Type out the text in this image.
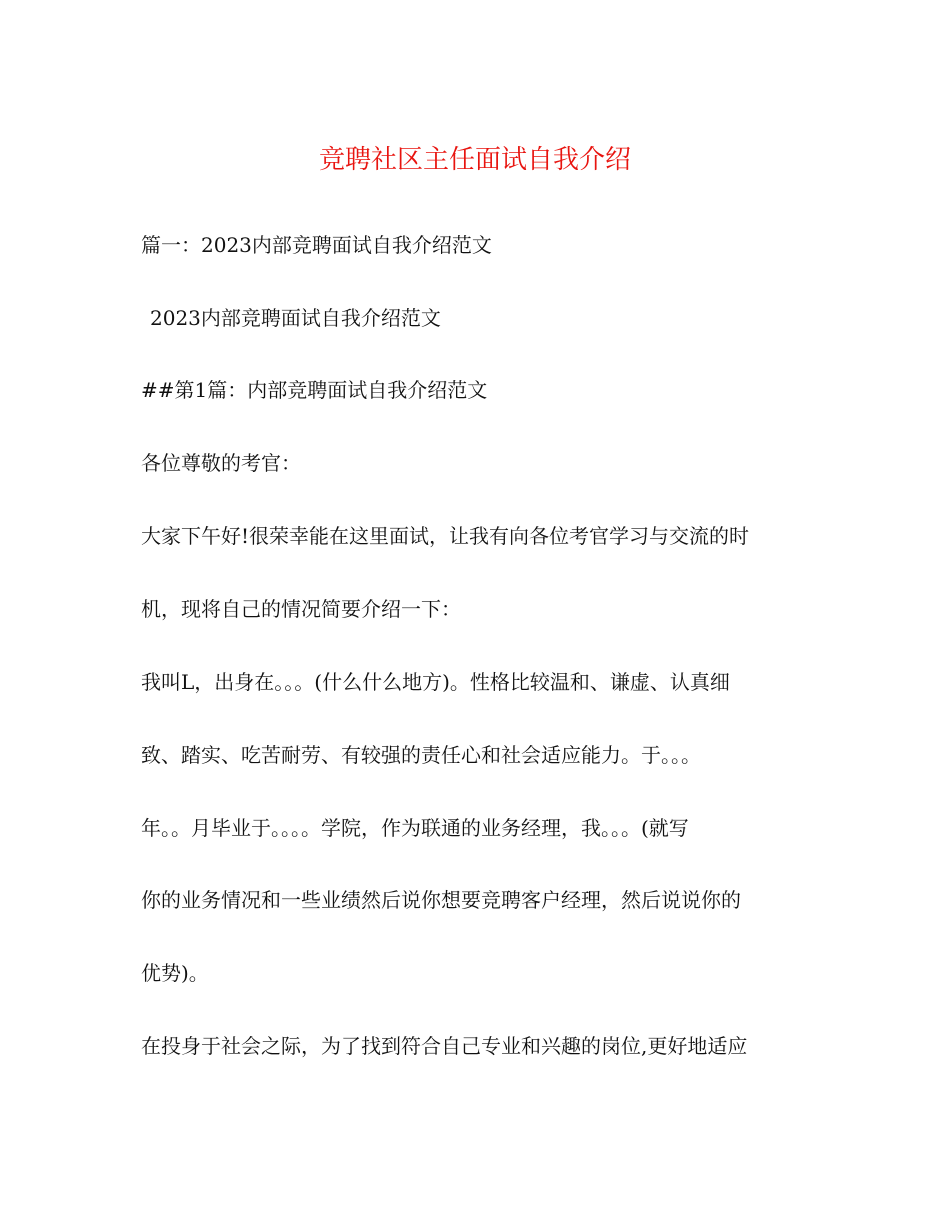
竞聘社区主任面试自我介绍

篇一：2023内部竞聘面试自我介绍范文

2023内部竞聘面试自我介绍范文

##第1篇：内部竞聘面试自我介绍范文

各位尊敬的考官：

大家下午好!很荣幸能在这里面试，让我有向各位考官学习与交流的时

机，现将自己的情况简要介绍一下：

我叫L，出身在。。。(什么什么地方)。性格比较温和、谦虚、认真细

致、踏实、吃苦耐劳、有较强的责任心和社会适应能力。于。。。

年。。月毕业于。。。。学院，作为联通的业务经理，我。。。(就写

你的业务情况和一些业绩然后说你想要竞聘客户经理，然后说说你的

优势)。

在投身于社会之际，为了找到符合自己专业和兴趣的岗位,更好地适应
